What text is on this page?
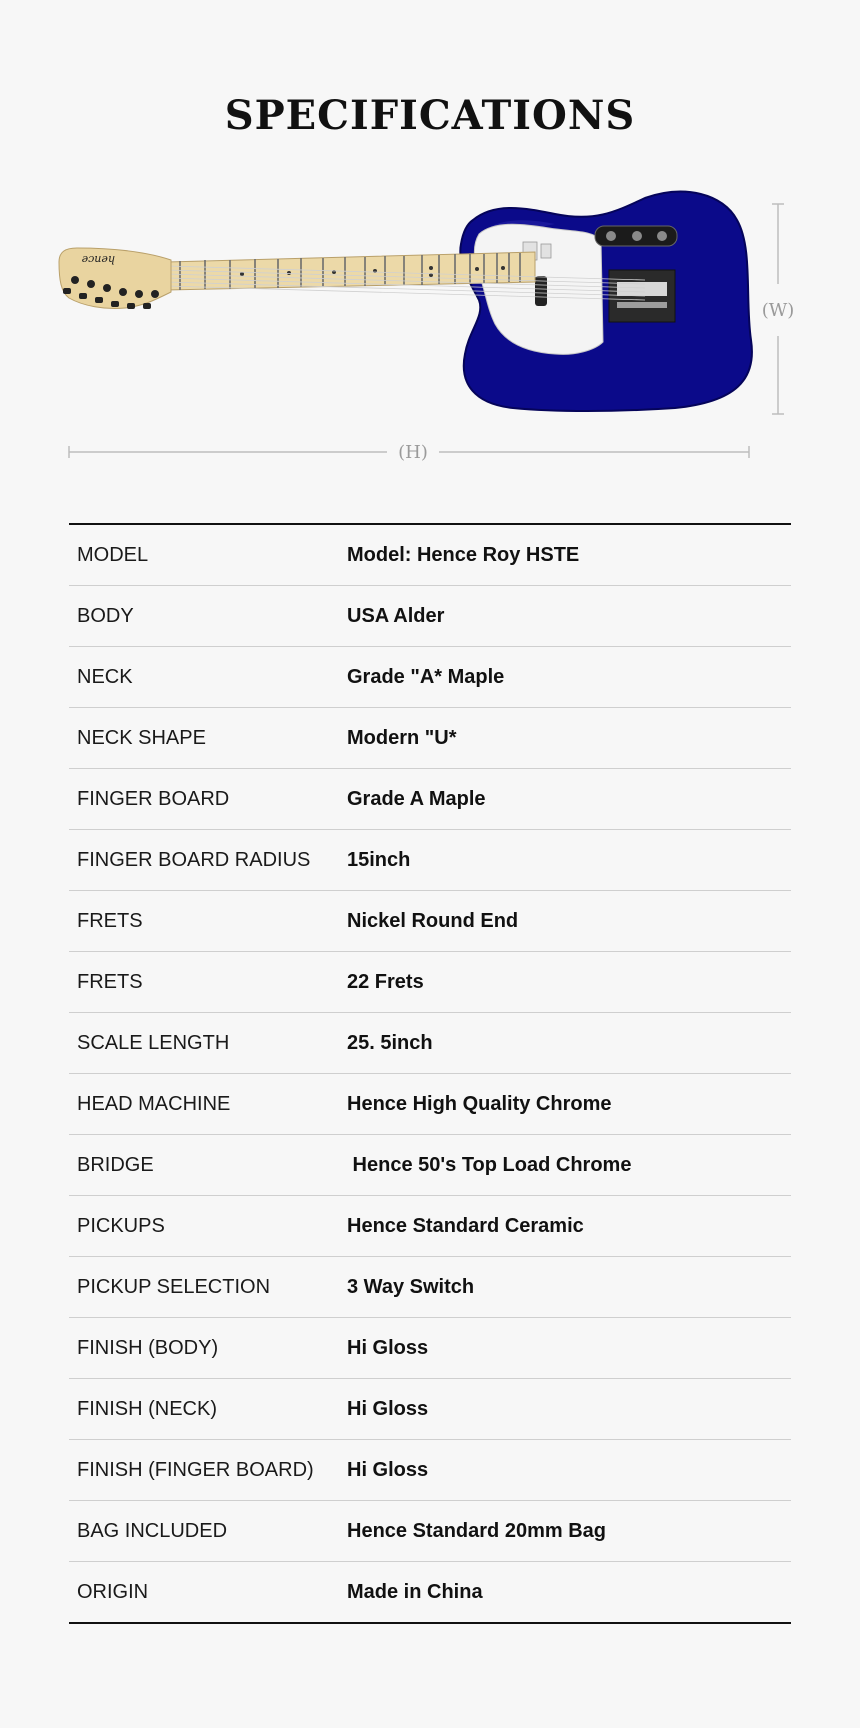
SPECIFICATIONS
hence
(W)
(H)
MODEL	Model: Hence Roy HSTE
BODY	USA Alder
NECK	Grade "A* Maple
NECK SHAPE	Modern "U*
FINGER BOARD	Grade A Maple
FINGER BOARD RADIUS	15inch
FRETS	Nickel Round End
FRETS	22 Frets
SCALE LENGTH	25. 5inch
HEAD MACHINE	Hence High Quality Chrome
BRIDGE	Hence 50's Top Load Chrome
PICKUPS	Hence Standard Ceramic
PICKUP SELECTION	3 Way Switch
FINISH (BODY)	Hi Gloss
FINISH (NECK)	Hi Gloss
FINISH (FINGER BOARD)	Hi Gloss
BAG INCLUDED	Hence Standard 20mm Bag
ORIGIN	Made in China
